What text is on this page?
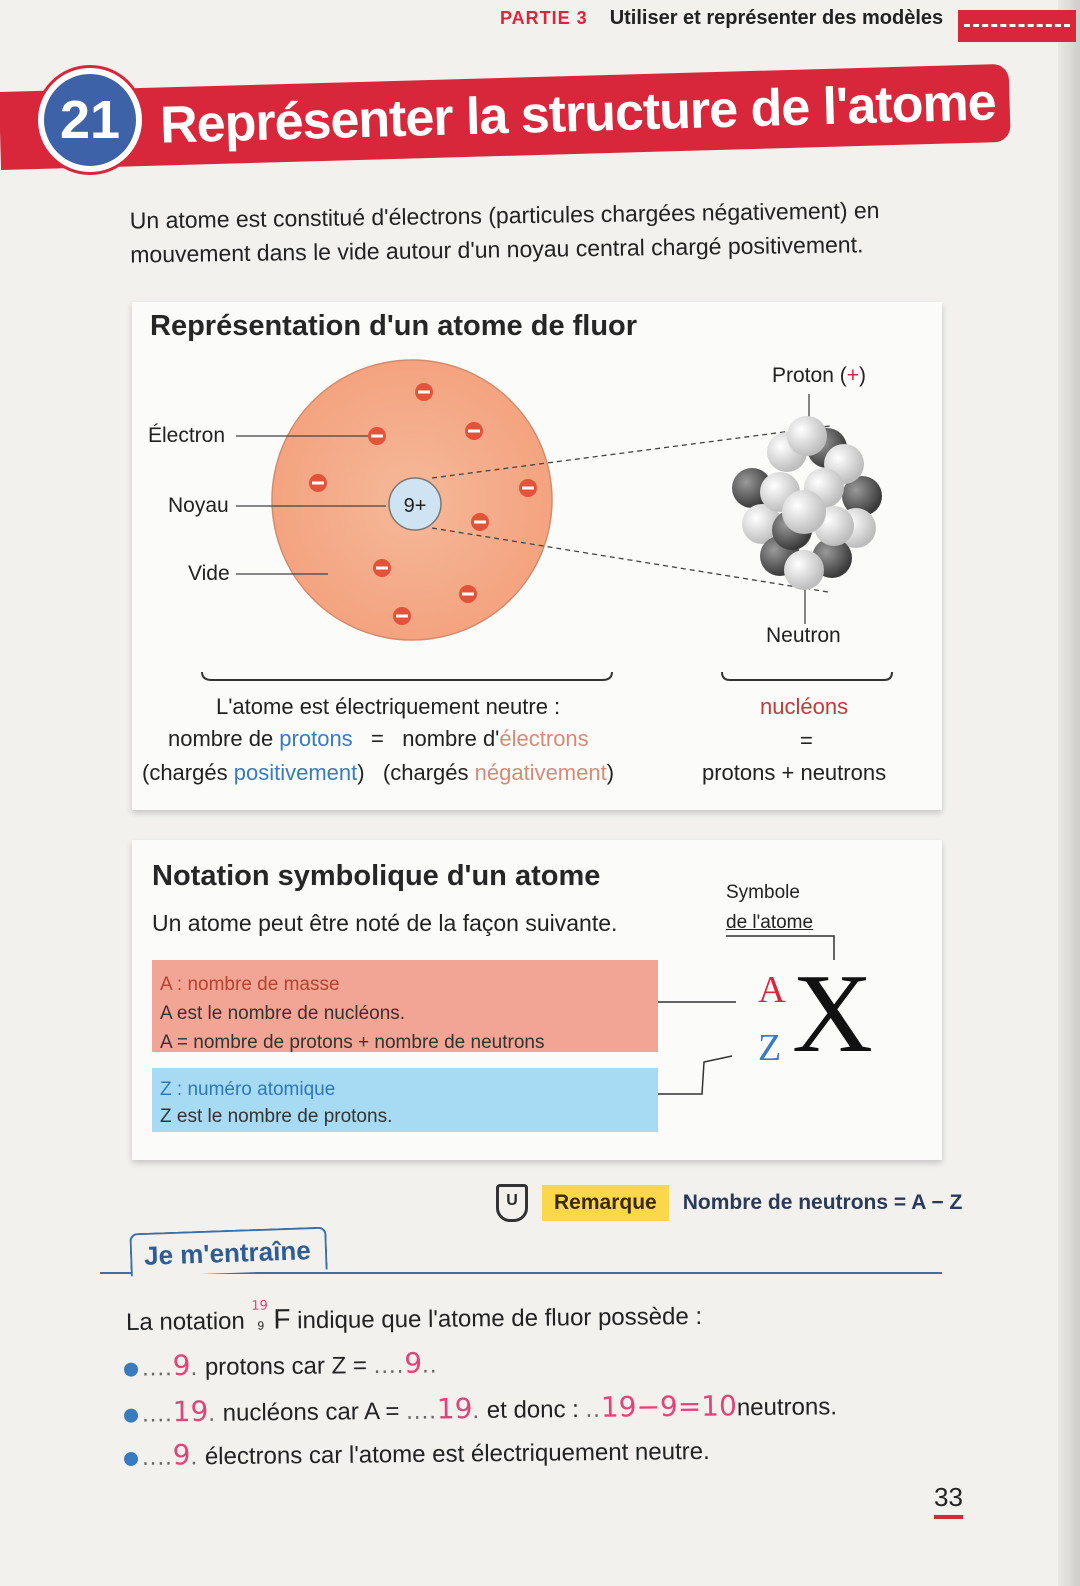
PARTIE 3 Utiliser et représenter des modèles
Représenter la structure de l'atome
21
Un atome est constitué d'électrons (particules chargées négativement) en mouvement dans le vide autour d'un noyau central chargé positivement.
Représentation d'un atome de fluor
9+
Électron
Noyau
Vide
Proton (+)
Neutron
L'atome est électriquement neutre :
nombre de protons = nombre d'électrons
(chargés positivement) (chargés négativement)
nucléons
=
protons + neutrons
Notation symbolique d'un atome
Un atome peut être noté de la façon suivante.
Symbole
de l'atome
A : nombre de masse
A est le nombre de nucléons.
A = nombre de protons + nombre de neutrons
Z : numéro atomique
Z est le nombre de protons.
A
Z X
U	Remarque	Nombre de neutrons = A − Z
Je m'entraîne
La notation
19
9 F indique que l'atome de fluor possède :
....9. protons car Z = ....9..
....19. nucléons car A = ....19. et donc : ..19−9=10neutrons.
....9. électrons car l'atome est électriquement neutre.
33
